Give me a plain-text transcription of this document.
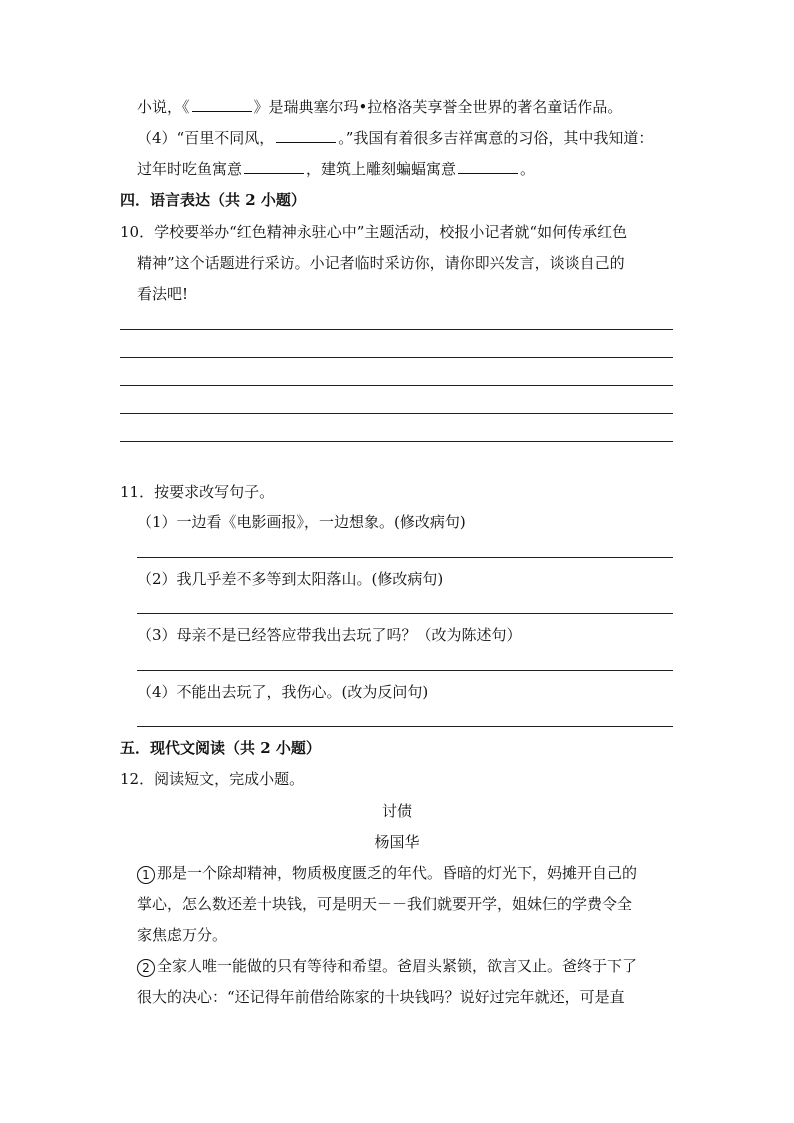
小说，《	》是瑞典塞尔玛•拉格洛芙享誉全世界的著名童话作品。
（4）“百里不同风，	。”我国有着很多吉祥寓意的习俗，其中我知道：
过年时吃鱼寓意	，建筑上雕刻蝙蝠寓意	。
四．语言表达（共 2 小题）
10．学校要举办“红色精神永驻心中”主题活动，校报小记者就“如何传承红色
精神”这个话题进行采访。小记者临时采访你，请你即兴发言，谈谈自己的
看法吧!
11．按要求改写句子。
（1）一边看《电影画报》，一边想象。(修改病句)
（2）我几乎差不多等到太阳落山。(修改病句)
（3）母亲不是已经答应带我出去玩了吗？（改为陈述句）
（4）不能出去玩了，我伤心。(改为反问句)
五．现代文阅读（共 2 小题）
12．阅读短文，完成小题。
讨债
杨国华
1 那是一个除却精神，物质极度匮乏的年代。昏暗的灯光下，妈摊开自己的
掌心，怎么数还差十块钱，可是明天－－我们就要开学，姐妹仨的学费令全
家焦虑万分。
2 全家人唯一能做的只有等待和希望。爸眉头紧锁，欲言又止。爸终于下了
很大的决心：“还记得年前借给陈家的十块钱吗？说好过完年就还，可是直
